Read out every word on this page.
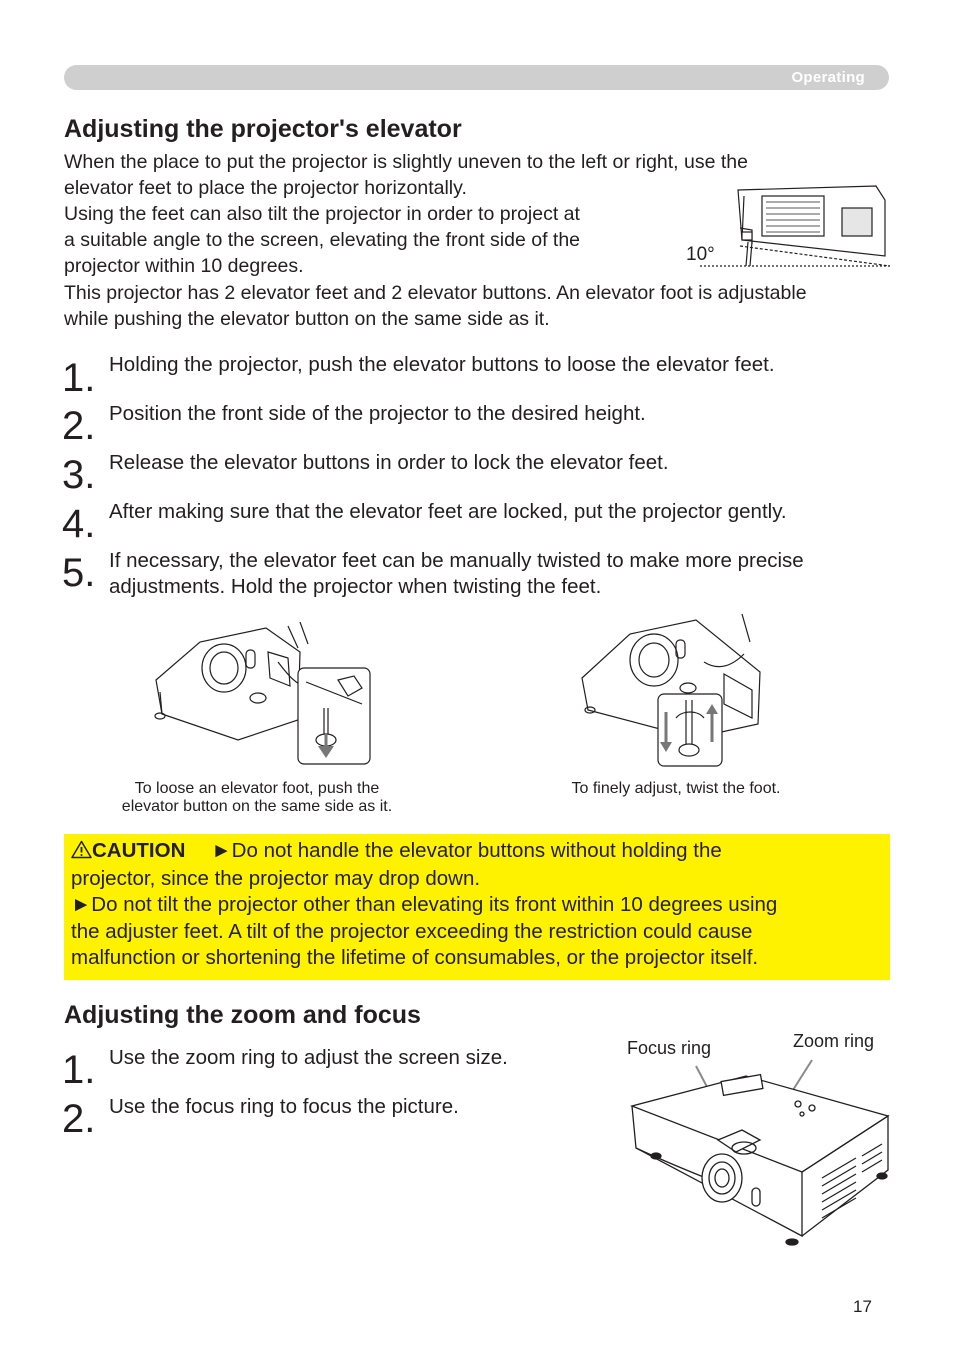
Operating
Adjusting the projector's elevator
When the place to put the projector is slightly uneven to the left or right, use the
elevator feet to place the projector horizontally.
Using the feet can also tilt the projector in order to project at
a suitable angle to the screen, elevating the front side of the
projector within 10 degrees.
This projector has 2 elevator feet and 2 elevator buttons. An elevator foot is adjustable
while pushing the elevator button on the same side as it.
10°
1. Holding the projector, push the elevator buttons to loose the elevator feet.
2. Position the front side of the projector to the desired height.
3. Release the elevator buttons in order to lock the elevator feet.
4. After making sure that the elevator feet are locked, put the projector gently.
5. If necessary, the elevator feet can be manually twisted to make more precise
adjustments. Hold the projector when twisting the feet.
To loose an elevator foot, push the
elevator button on the same side as it.
To finely adjust, twist the foot.
CAUTION ►Do not handle the elevator buttons without holding the
projector, since the projector may drop down.
►Do not tilt the projector other than elevating its front within 10 degrees using
the adjuster feet. A tilt of the projector exceeding the restriction could cause
malfunction or shortening the lifetime of consumables, or the projector itself.
Adjusting the zoom and focus
1. Use the zoom ring to adjust the screen size.
2. Use the focus ring to focus the picture.
Focus ring	Zoom ring
17
